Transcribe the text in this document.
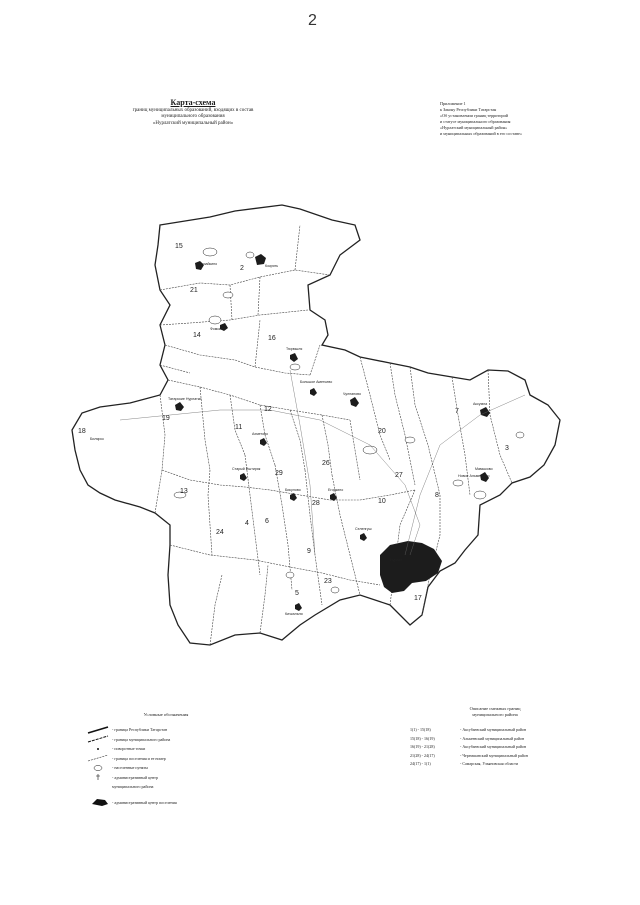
2
Карта-схема
границ муниципальных образований, входящих в состав
муниципального образования
«Нурлатский муниципальный район»
Приложение 1
к Закону Республики Татарстан
«Об установлении границ территорий
и статусе муниципального образования
«Нурлатский муниципальный район»
и муниципальных образований в его составе»
2
3
4
5
6
7
8
9
10
11
12
13
14
15
16
17
18
19
20
21
23
24
26
27
28
29
Нурлат
Кузайкино	Кокрять
Фомкино
Тюрюшля
Билярск
Аксумла
Мамыково
Чулпаново
Ахметово
Бикулово	Егоркино
Селенгуш
Кичкальня
Старый Иштиряк
Новое Альметьево
Татарские Нурлатки
Большое Аметьево
Условные обозначения
- граница Республики Татарстан
- граница муниципального района
- поворотные точки
- граница поселения и ее номер
- населенные пункты
- административный центр
муниципального района
- административный центр поселения
Описание смежных границ
муниципального района
1(1) - 15(18)	- Аксубаевский муниципальный район
15(18) - 16(19)	- Алькеевский муниципальный район
16(19) - 21(28)	- Аксубаевский муниципальный район
21(28) - 24(17)	- Черемшанский муниципальный район
24(17) - 1(1)	- Самарская, Ульяновская области
